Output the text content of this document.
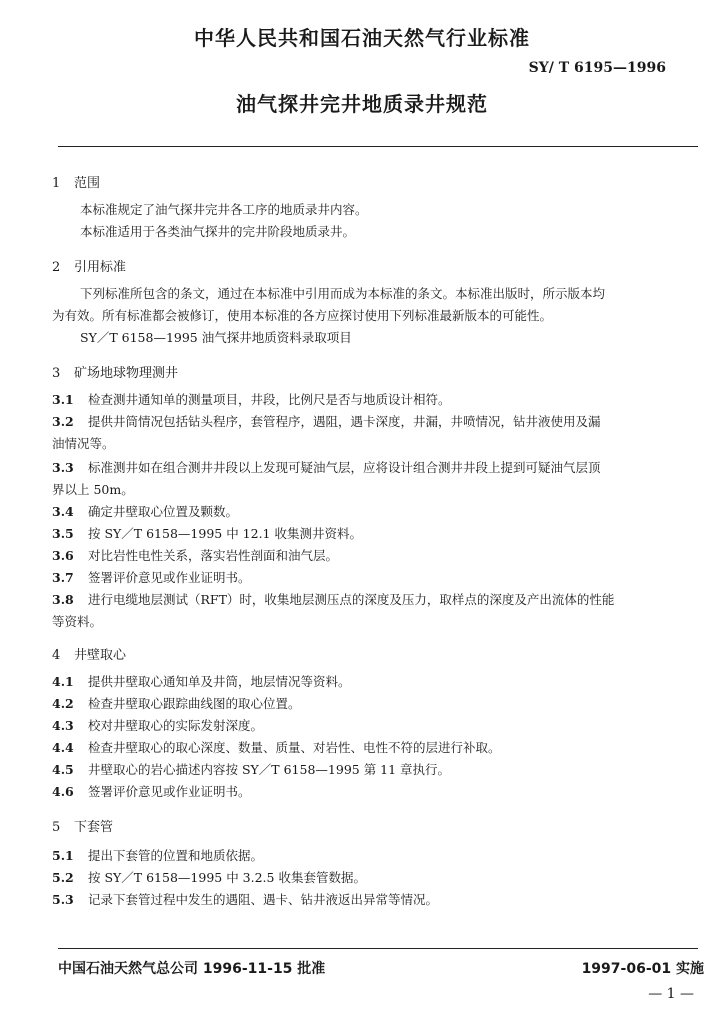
中华人民共和国石油天然气行业标准
SY/ T 6195—1996
油气探井完井地质录井规范
1 范围
本标准规定了油气探井完井各工序的地质录井内容。
本标准适用于各类油气探井的完井阶段地质录井。
2 引用标准
下列标准所包含的条文，通过在本标准中引用而成为本标准的条文。本标准出版时，所示版本均
为有效。所有标准都会被修订，使用本标准的各方应探讨使用下列标准最新版本的可能性。
SY／T 6158—1995 油气探井地质资料录取项目
3 矿场地球物理测井
3.1 检查测井通知单的测量项目，井段，比例尺是否与地质设计相符。
3.2 提供井筒情况包括钻头程序，套管程序，遇阻，遇卡深度，井漏，井喷情况，钻井液使用及漏
油情况等。
3.3 标准测井如在组合测井井段以上发现可疑油气层，应将设计组合测井井段上提到可疑油气层顶
界以上 50m。
3.4 确定井壁取心位置及颗数。
3.5 按 SY／T 6158—1995 中 12.1 收集测井资料。
3.6 对比岩性电性关系，落实岩性剖面和油气层。
3.7 签署评价意见或作业证明书。
3.8 进行电缆地层测试（RFT）时，收集地层测压点的深度及压力，取样点的深度及产出流体的性能
等资料。
4 井壁取心
4.1 提供井壁取心通知单及井筒，地层情况等资料。
4.2 检查井壁取心跟踪曲线图的取心位置。
4.3 校对井壁取心的实际发射深度。
4.4 检查井壁取心的取心深度、数量、质量、对岩性、电性不符的层进行补取。
4.5 井壁取心的岩心描述内容按 SY／T 6158—1995 第 11 章执行。
4.6 签署评价意见或作业证明书。
5 下套管
5.1 提出下套管的位置和地质依据。
5.2 按 SY／T 6158—1995 中 3.2.5 收集套管数据。
5.3 记录下套管过程中发生的遇阻、遇卡、钻井液返出异常等情况。
中国石油天然气总公司 1996-11-15 批准	1997-06-01 实施
— 1 —
